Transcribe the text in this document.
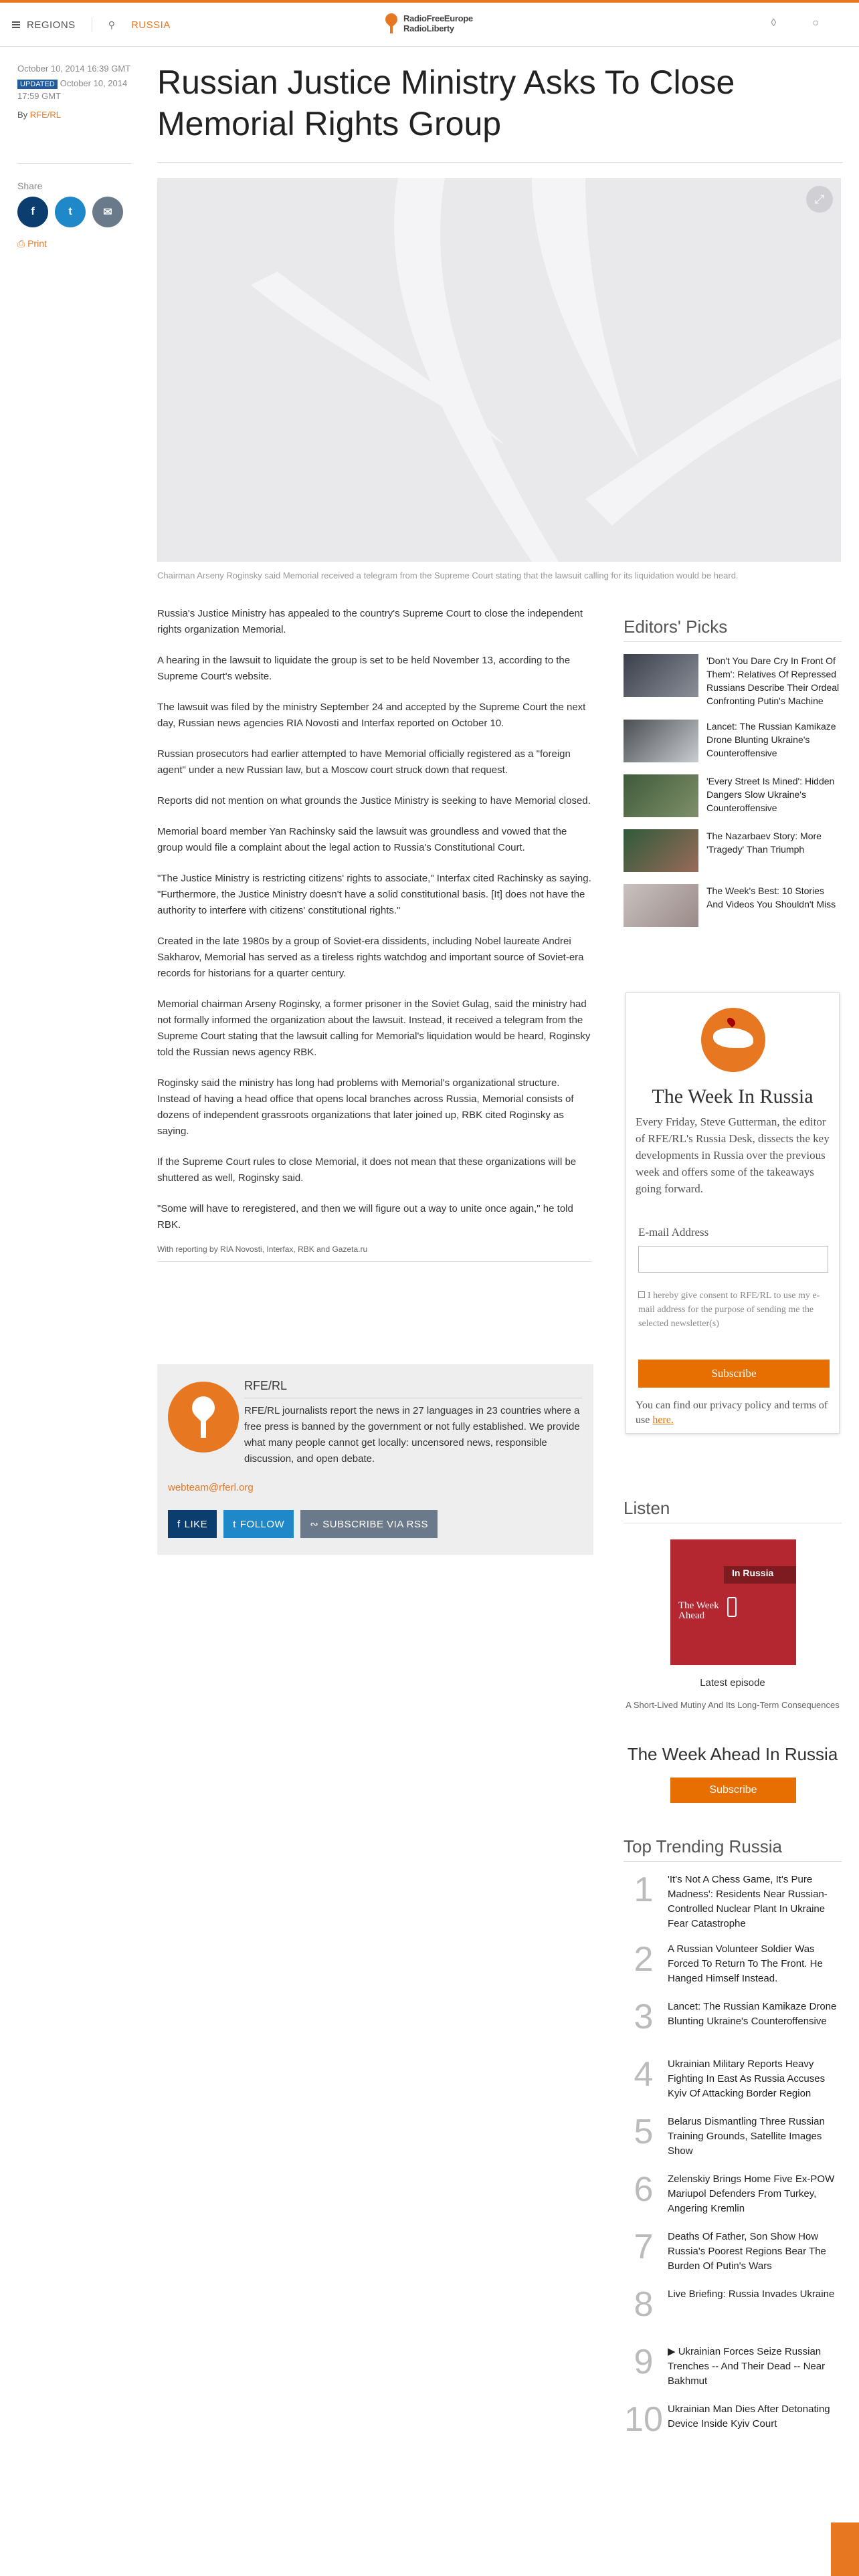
REGIONS	⚲ RUSSIA
RadioFreeEurope
RadioLiberty	◊	○
October 10, 2014 16:39 GMT
UPDATED October 10, 2014 17:59 GMT
By RFE/RL
Share
f	t	✉
⎙ Print
Russian Justice Ministry Asks To Close Memorial Rights Group
⤢
Chairman Arseny Roginsky said Memorial received a telegram from the Supreme Court stating that the lawsuit calling for its liquidation would be heard.

Russia's Justice Ministry has appealed to the country's Supreme Court to close the independent rights organization Memorial.

A hearing in the lawsuit to liquidate the group is set to be held November 13, according to the Supreme Court's website.

The lawsuit was filed by the ministry September 24 and accepted by the Supreme Court the next day, Russian news agencies RIA Novosti and Interfax reported on October 10.

Russian prosecutors had earlier attempted to have Memorial officially registered as a "foreign agent" under a new Russian law, but a Moscow court struck down that request.

Reports did not mention on what grounds the Justice Ministry is seeking to have Memorial closed.

Memorial board member Yan Rachinsky said the lawsuit was groundless and vowed that the group would file a complaint about the legal action to Russia's Constitutional Court.

"The Justice Ministry is restricting citizens' rights to associate," Interfax cited Rachinsky as saying. "Furthermore, the Justice Ministry doesn't have a solid constitutional basis. [It] does not have the authority to interfere with citizens' constitutional rights."

Created in the late 1980s by a group of Soviet-era dissidents, including Nobel laureate Andrei Sakharov, Memorial has served as a tireless rights watchdog and important source of Soviet-era records for historians for a quarter century.

Memorial chairman Arseny Roginsky, a former prisoner in the Soviet Gulag, said the ministry had not formally informed the organization about the lawsuit. Instead, it received a telegram from the Supreme Court stating that the lawsuit calling for Memorial's liquidation would be heard, Roginsky told the Russian news agency RBK.

Roginsky said the ministry has long had problems with Memorial's organizational structure. Instead of having a head office that opens local branches across Russia, Memorial consists of dozens of independent grassroots organizations that later joined up, RBK cited Roginsky as saying.

If the Supreme Court rules to close Memorial, it does not mean that these organizations will be shuttered as well, Roginsky said.

"Some will have to reregistered, and then we will figure out a way to unite once again," he told RBK.

With reporting by RIA Novosti, Interfax, RBK and Gazeta.ru

RFE/RL
RFE/RL journalists report the news in 27 languages in 23 countries where a free press is banned by the government or not fully established. We provide what many people cannot get locally: uncensored news, responsible discussion, and open debate.
webteam@rferl.org
f LIKE	t FOLLOW	∾ SUBSCRIBE VIA RSS
Editors' Picks
'Don't You Dare Cry In Front Of Them': Relatives Of Repressed Russians Describe Their Ordeal Confronting Putin's Machine
Lancet: The Russian Kamikaze Drone Blunting Ukraine's Counteroffensive
'Every Street Is Mined': Hidden Dangers Slow Ukraine's Counteroffensive
The Nazarbaev Story: More 'Tragedy' Than Triumph
The Week's Best: 10 Stories And Videos You Shouldn't Miss
The Week In Russia
Every Friday, Steve Gutterman, the editor of RFE/RL's Russia Desk, dissects the key developments in Russia over the previous week and offers some of the takeaways going forward.
E-mail Address
I hereby give consent to RFE/RL to use my e-mail address for the purpose of sending me the selected newsletter(s)
Subscribe
You can find our privacy policy and terms of use here.
Listen
In Russia
The Week
Ahead
Latest episode
A Short-Lived Mutiny And Its Long-Term Consequences
The Week Ahead In Russia
Subscribe
Top Trending Russia
1	'It's Not A Chess Game, It's Pure Madness': Residents Near Russian-Controlled Nuclear Plant In Ukraine Fear Catastrophe
2	A Russian Volunteer Soldier Was Forced To Return To The Front. He Hanged Himself Instead.
3	Lancet: The Russian Kamikaze Drone Blunting Ukraine's Counteroffensive
4	Ukrainian Military Reports Heavy Fighting In East As Russia Accuses Kyiv Of Attacking Border Region
5	Belarus Dismantling Three Russian Training Grounds, Satellite Images Show
6	Zelenskiy Brings Home Five Ex-POW Mariupol Defenders From Turkey, Angering Kremlin
7	Deaths Of Father, Son Show How Russia's Poorest Regions Bear The Burden Of Putin's Wars
8	Live Briefing: Russia Invades Ukraine
9	▶ Ukrainian Forces Seize Russian Trenches -- And Their Dead -- Near Bakhmut
10 Ukrainian Man Dies After Detonating Device Inside Kyiv Court
